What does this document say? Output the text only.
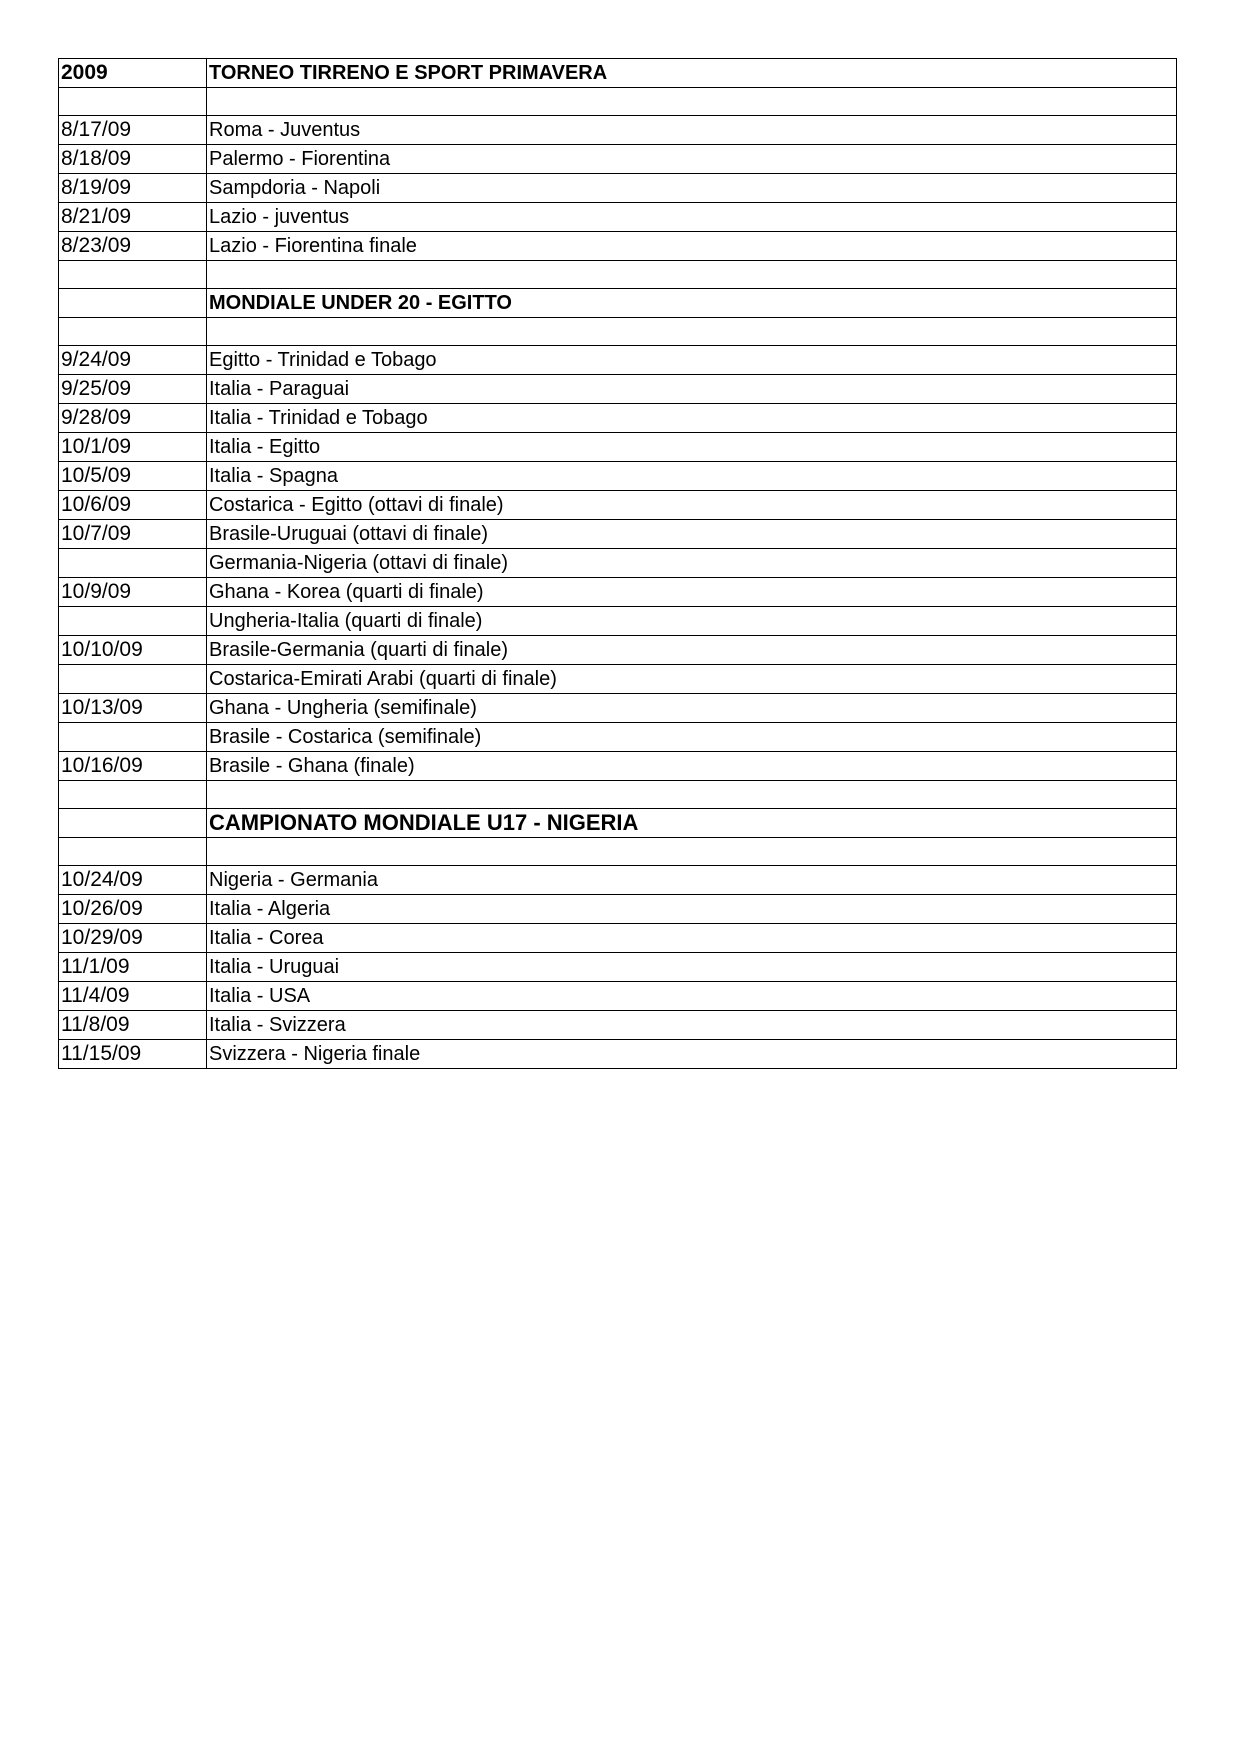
2009	TORNEO TIRRENO E SPORT PRIMAVERA

8/17/09	Roma - Juventus
8/18/09	Palermo - Fiorentina
8/19/09	Sampdoria - Napoli
8/21/09	Lazio - juventus
8/23/09	Lazio - Fiorentina finale

	MONDIALE UNDER 20 - EGITTO

9/24/09	Egitto - Trinidad e Tobago
9/25/09	Italia - Paraguai
9/28/09	Italia - Trinidad e Tobago
10/1/09	Italia - Egitto
10/5/09	Italia - Spagna
10/6/09	Costarica - Egitto (ottavi di finale)
10/7/09	Brasile-Uruguai (ottavi di finale)
	Germania-Nigeria (ottavi di finale)
10/9/09	Ghana - Korea (quarti di finale)
	Ungheria-Italia (quarti di finale)
10/10/09	Brasile-Germania (quarti di finale)
	Costarica-Emirati Arabi (quarti di finale)
10/13/09	Ghana - Ungheria (semifinale)
	Brasile - Costarica (semifinale)
10/16/09	Brasile - Ghana (finale)

	CAMPIONATO MONDIALE U17 - NIGERIA

10/24/09	Nigeria - Germania
10/26/09	Italia - Algeria
10/29/09	Italia - Corea
11/1/09	Italia - Uruguai
11/4/09	Italia - USA
11/8/09	Italia - Svizzera
11/15/09	Svizzera - Nigeria finale
